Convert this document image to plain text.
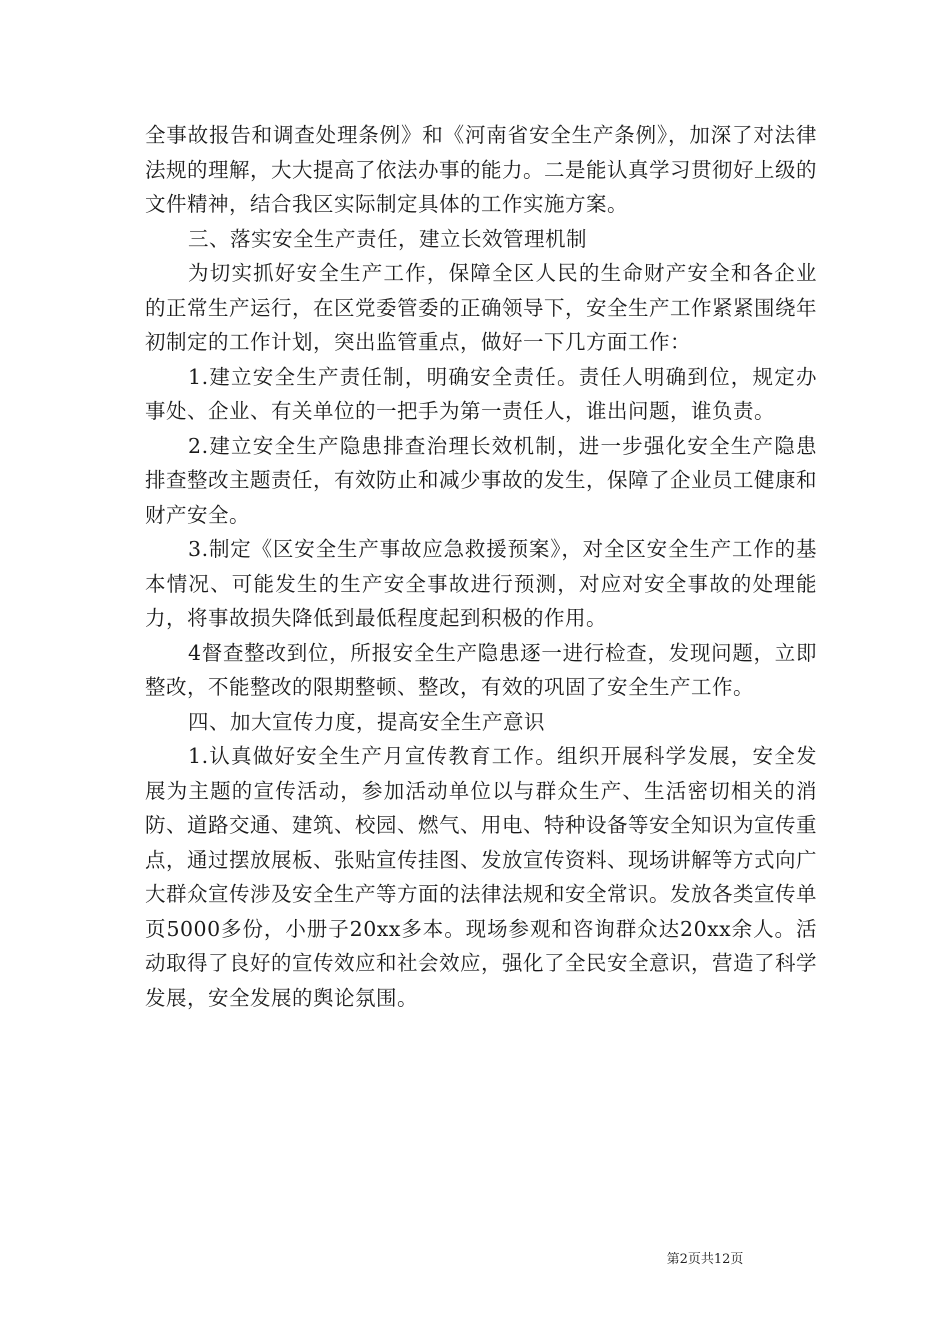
全事故报告和调查处理条例》和《河南省安全生产条例》，加深了对法律法规的理解，大大提高了依法办事的能力。二是能认真学习贯彻好上级的文件精神，结合我区实际制定具体的工作实施方案。

三、落实安全生产责任，建立长效管理机制

为切实抓好安全生产工作，保障全区人民的生命财产安全和各企业的正常生产运行，在区党委管委的正确领导下，安全生产工作紧紧围绕年初制定的工作计划，突出监管重点，做好一下几方面工作：

1.建立安全生产责任制，明确安全责任。责任人明确到位，规定办事处、企业、有关单位的一把手为第一责任人，谁出问题，谁负责。

2.建立安全生产隐患排查治理长效机制，进一步强化安全生产隐患排查整改主题责任，有效防止和减少事故的发生，保障了企业员工健康和财产安全。

3.制定《区安全生产事故应急救援预案》，对全区安全生产工作的基本情况、可能发生的生产安全事故进行预测，对应对安全事故的处理能力，将事故损失降低到最低程度起到积极的作用。

4督查整改到位，所报安全生产隐患逐一进行检查，发现问题，立即整改，不能整改的限期整顿、整改，有效的巩固了安全生产工作。

四、加大宣传力度，提高安全生产意识

1.认真做好安全生产月宣传教育工作。组织开展科学发展，安全发展为主题的宣传活动，参加活动单位以与群众生产、生活密切相关的消防、道路交通、建筑、校园、燃气、用电、特种设备等安全知识为宣传重点，通过摆放展板、张贴宣传挂图、发放宣传资料、现场讲解等方式向广大群众宣传涉及安全生产等方面的法律法规和安全常识。发放各类宣传单页5000多份，小册子20xx多本。现场参观和咨询群众达20xx余人。活动取得了良好的宣传效应和社会效应，强化了全民安全意识，营造了科学发展，安全发展的舆论氛围。

第2页共12页
